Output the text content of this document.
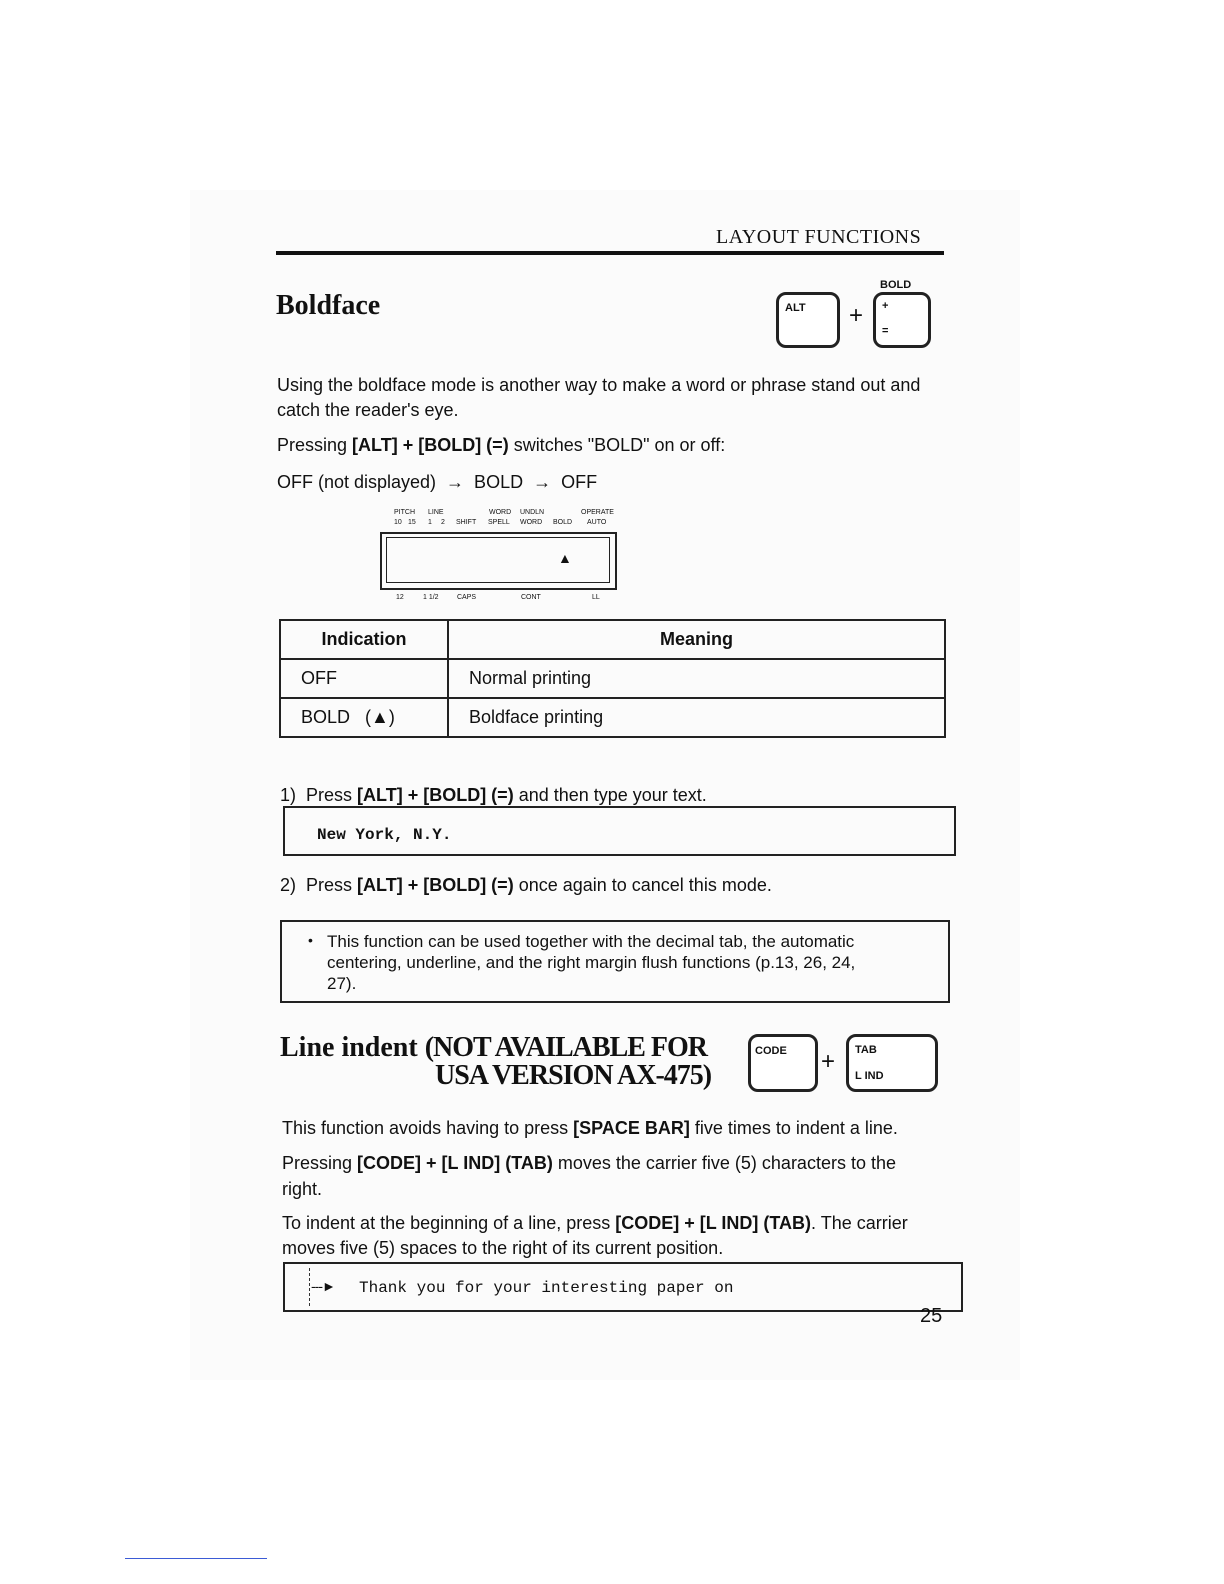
LAYOUT FUNCTIONS
Boldface
BOLD
ALT + +
=
Using the boldface mode is another way to make a word or phrase stand out and
catch the reader's eye.
Pressing [ALT] + [BOLD] (=) switches "BOLD" on or off:
OFF (not displayed)  →  BOLD  →  OFF
PITCH LINE	WORD UNDLN	OPERATE
10 15 1 2 SHIFT SPELL WORD BOLD AUTO
▲
12	1 1/2	CAPS	CONT	LL
Indication	Meaning
OFF	Normal printing
BOLD   (▲)	Boldface printing
1) Press [ALT] + [BOLD] (=) and then type your text.
New York, N.Y.
2) Press [ALT] + [BOLD] (=) once again to cancel this mode.
• This function can be used together with the decimal tab, the automatic
centering, underline, and the right margin flush functions (p.13, 26, 24,
27).
Line indent (NOT AVAILABLE FOR
USA VERSION AX-475)
CODE + TAB
L IND
This function avoids having to press [SPACE BAR] five times to indent a line.
Pressing [CODE] + [L IND] (TAB) moves the carrier five (5) characters to the
right.
To indent at the beginning of a line, press [CODE] + [L IND] (TAB). The carrier
moves five (5) spaces to the right of its current position.
---► Thank you for your interesting paper on
25
